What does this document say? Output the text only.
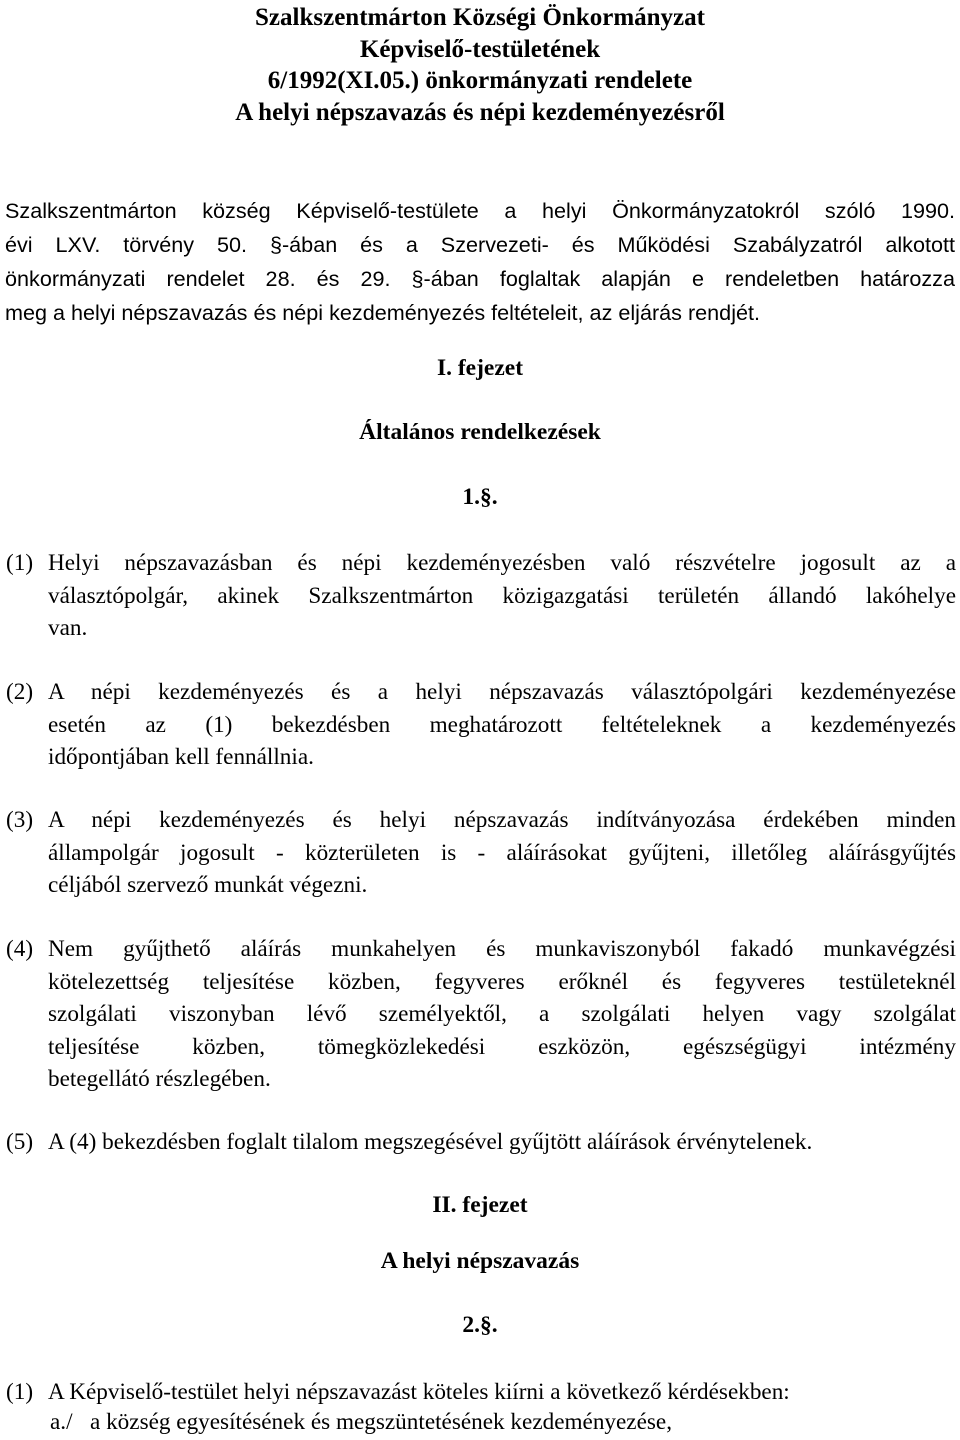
Szalkszentmárton Községi Önkormányzat
Képviselő-testületének
6/1992(XI.05.) önkormányzati rendelete
A helyi népszavazás és népi kezdeményezésről
Szalkszentmárton község Képviselő-testülete a helyi Önkormányzatokról szóló 1990.
évi LXV. törvény 50. §-ában és a Szervezeti- és Működési Szabályzatról alkotott
önkormányzati rendelet 28. és 29. §-ában foglaltak alapján e rendeletben határozza
meg a helyi népszavazás és népi kezdeményezés feltételeit, az eljárás rendjét.
I. fejezet
Általános rendelkezések
1.§.
(1) Helyi népszavazásban és népi kezdeményezésben való részvételre jogosult az a
választópolgár, akinek Szalkszentmárton közigazgatási területén állandó lakóhelye
van.
(2) A népi kezdeményezés és a helyi népszavazás választópolgári kezdeményezése
esetén az (1) bekezdésben meghatározott feltételeknek a kezdeményezés
időpontjában kell fennállnia.
(3) A népi kezdeményezés és helyi népszavazás indítványozása érdekében minden
állampolgár jogosult - közterületen is - aláírásokat gyűjteni, illetőleg aláírásgyűjtés
céljából szervező munkát végezni.
(4) Nem gyűjthető aláírás munkahelyen és munkaviszonyból fakadó munkavégzési
kötelezettség teljesítése közben, fegyveres erőknél és fegyveres testületeknél
szolgálati viszonyban lévő személyektől, a szolgálati helyen vagy szolgálat
teljesítése közben, tömegközlekedési eszközön, egészségügyi intézmény
betegellátó részlegében.
(5) A (4) bekezdésben foglalt tilalom megszegésével gyűjtött aláírások érvénytelenek.
II. fejezet
A helyi népszavazás
2.§.
(1) A Képviselő-testület helyi népszavazást köteles kiírni a következő kérdésekben:
a./ a község egyesítésének és megszüntetésének kezdeményezése,
